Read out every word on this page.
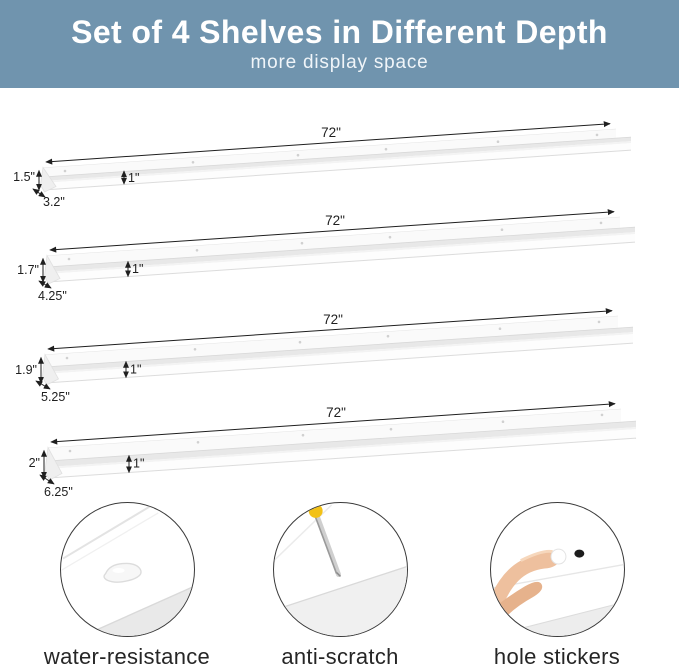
Set of 4 Shelves in Different Depth
more display space
72"
1.5"
3.2"
1"
72"
1.7"
4.25"
1"
72"
1.9"
5.25"
1"
72"
2"
6.25"
1"
water-resistance	anti-scratch	hole stickers
